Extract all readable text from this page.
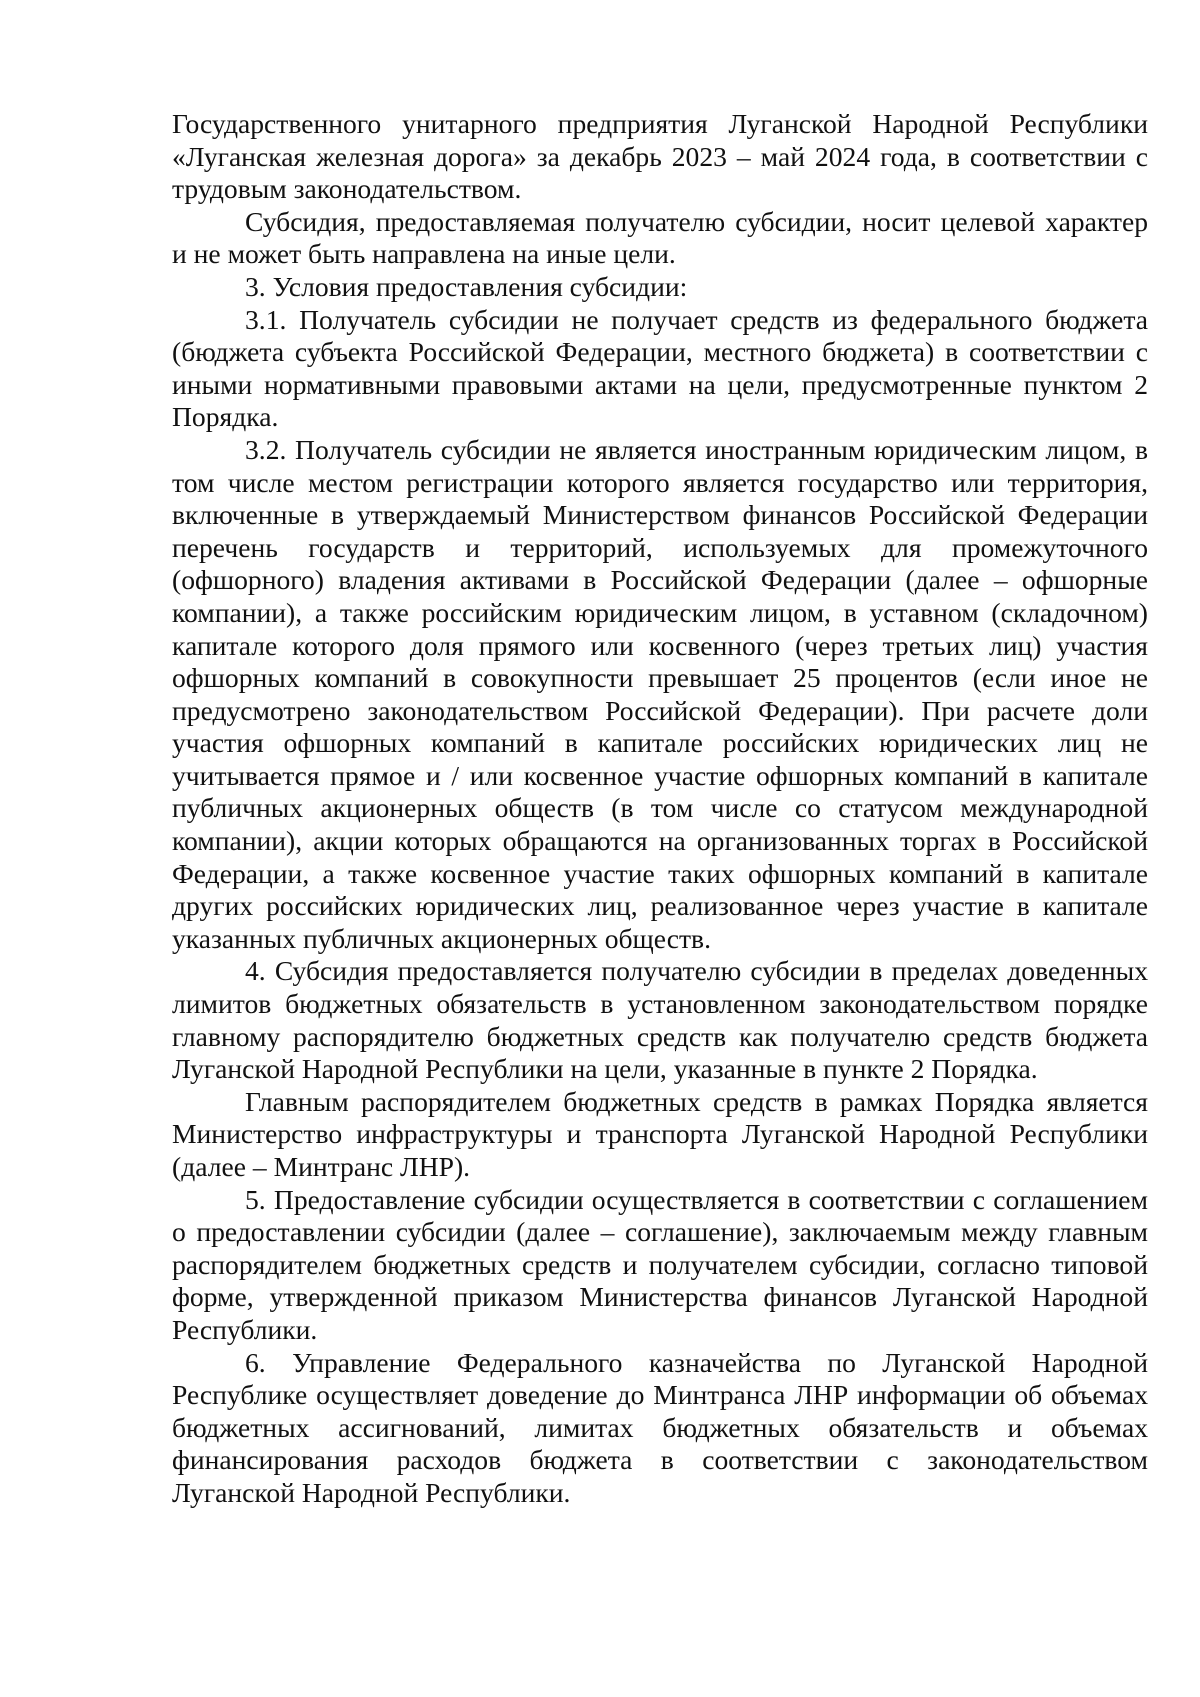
Государственного унитарного предприятия Луганской Народной Республики «Луганская железная дорога» за декабрь 2023 – май 2024 года, в соответствии с трудовым законодательством.

Субсидия, предоставляемая получателю субсидии, носит целевой характер и не может быть направлена на иные цели.

3. Условия предоставления субсидии:

3.1. Получатель субсидии не получает средств из федерального бюджета (бюджета субъекта Российской Федерации, местного бюджета) в соответствии с иными нормативными правовыми актами на цели, предусмотренные пунктом 2 Порядка.

3.2. Получатель субсидии не является иностранным юридическим лицом, в том числе местом регистрации которого является государство или территория, включенные в утверждаемый Министерством финансов Российской Федерации перечень государств и территорий, используемых для промежуточного (офшорного) владения активами в Российской Федерации (далее – офшорные компании), а также российским юридическим лицом, в уставном (складочном) капитале которого доля прямого или косвенного (через третьих лиц) участия офшорных компаний в совокупности превышает 25 процентов (если иное не предусмотрено законодательством Российской Федерации). При расчете доли участия офшорных компаний в капитале российских юридических лиц не учитывается прямое и / или косвенное участие офшорных компаний в капитале публичных акционерных обществ (в том числе со статусом международной компании), акции которых обращаются на организованных торгах в Российской Федерации, а также косвенное участие таких офшорных компаний в капитале других российских юридических лиц, реализованное через участие в капитале указанных публичных акционерных обществ.

4. Субсидия предоставляется получателю субсидии в пределах доведенных лимитов бюджетных обязательств в установленном законодательством порядке главному распорядителю бюджетных средств как получателю средств бюджета Луганской Народной Республики на цели, указанные в пункте 2 Порядка.

Главным распорядителем бюджетных средств в рамках Порядка является Министерство инфраструктуры и транспорта Луганской Народной Республики (далее – Минтранс ЛНР).

5. Предоставление субсидии осуществляется в соответствии с соглашением о предоставлении субсидии (далее – соглашение), заключаемым между главным распорядителем бюджетных средств и получателем субсидии, согласно типовой форме, утвержденной приказом Министерства финансов Луганской Народной Республики.

6. Управление Федерального казначейства по Луганской Народной Республике осуществляет доведение до Минтранса ЛНР информации об объемах бюджетных ассигнований, лимитах бюджетных обязательств и объемах финансирования расходов бюджета в соответствии с законодательством Луганской Народной Республики.
